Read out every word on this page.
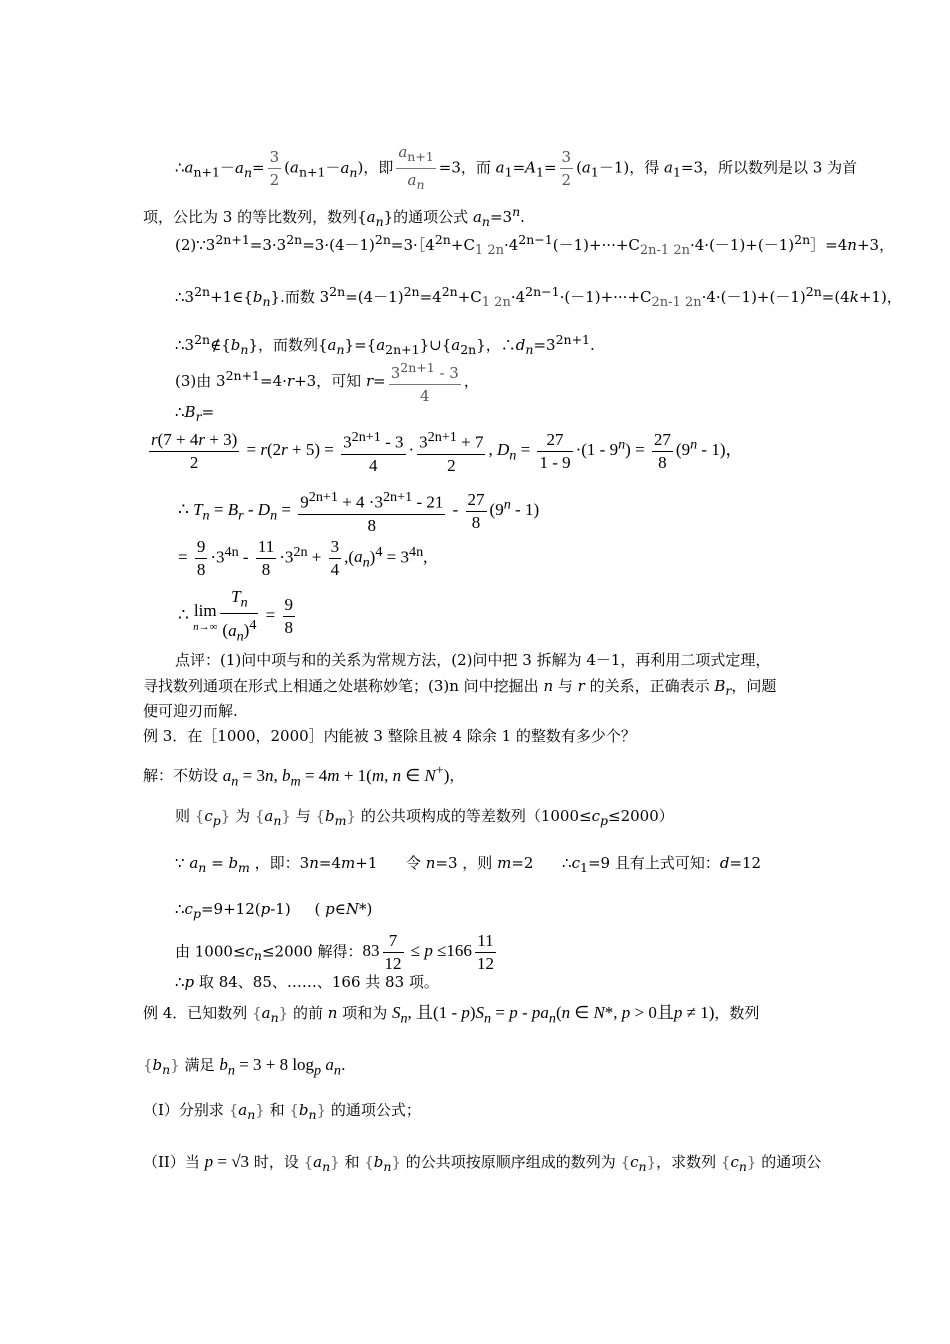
$\therefore a_{n+1}-a_n= \frac{3}{2} (a_{n+1}-a_n)$，即 $\frac{a_{n+1}}{a_n} =3$，而 $a_1=A_1= \frac{3}{2} (a_1-1)$，得 $a_1=3$，所以数列是以 3 为首
项，公比为 3 的等比数列，数列$\{a_n\}$的通项公式 $a_n=3^n$.
$(2)\because 3^{2n+1}=3\cdot 3^{2n}=3\cdot(4-1)^{2n}=3\cdot[4^{2n}+C_{1 2n}\cdot 4^{2n-1}(-1)+\cdot\cdot\cdot+C_{2n-1 2n}\cdot 4\cdot(-1)+(-1)^{2n}]=4n+3$，
$\therefore 3^{2n}+1\in\{b_n\}$.而数 $3^{2n}=(4-1)^{2n}=4^{2n}+C_{1 2n}\cdot 4^{2n-1}\cdot(-1)+\cdot\cdot\cdot+C_{2n-1 2n}\cdot 4\cdot(-1)+(-1)^{2n}=(4k+1)$，
$\therefore 3^{2n}\notin\{b_n\}$，而数列$\{a_n\}=\{a_{2n+1}\}\cup\{a_{2n}\}$，$\therefore d_n=3^{2n+1}$.
(3)由 $3^{2n+1}=4\cdot r+3$，可知 $r= \frac{3^{2n+1} - 3}{4}$ ，
$\therefore B_r=$
$\frac{r(7 + 4r + 3)}{2} = r(2r + 5) = \frac{3^{2n+1} - 3}{4} \cdot \frac{3^{2n+1} + 7}{2}$ , $D_n = \frac{27}{1 - 9} \cdot(1 - 9^n) = \frac{27}{8} (9^n - 1)$，
∴ $T_n = B_r - D_n = \frac{9^{2n+1} + 4 \cdot 3^{2n+1} - 21}{8} - \frac{27}{8} (9^n - 1)$
= $\frac{9}{8} \cdot 3^{4n} - \frac{11}{8} \cdot 3^{2n} + \frac{3}{4} ,(a_n)^4 = 3^{4n}$,
∴ lim
$n\to\infty \frac{T_n}{(a_n)^4} = \frac{9}{8}$
点评：(1)问中项与和的关系为常规方法，(2)问中把 3 拆解为 4－1，再利用二项式定理，
寻找数列通项在形式上相通之处堪称妙笔；(3)n 问中挖掘出 n 与 r 的关系，正确表示 $B_r$，问题
便可迎刃而解.
例 3．在［1000，2000］内能被 3 整除且被 4 除余 1 的整数有多少个？
解：不妨设 $a_n = 3n$, $b_m = 4m + 1(m$, n ∈ N+)，
则 $\{c_p\}$ 为 $\{a_n\}$ 与 $\{b_m\}$ 的公共项构成的等差数列$(1000\le c_p\le 2000)$
∵ $a_n = b_m$ ，即：3n=4m+1      令 n=3 ，则 m=2      $\therefore c_1=9$ 且有上式可知：d=12
$\therefore c_p=9+12(p-1)$     ( p∈N*)
由 $1000\le c_n\le 2000$ 解得：$83 \frac{7}{12} \le p \le 166 \frac{11}{12}$
∴p 取 84、85、……、166 共 83 项。
例 4．已知数列 $\{a_n\}$ 的前 n 项和为 $S_n$, 且$(1 - p)S_n = p - pa_n(n$ ∈ N*, p > 0且p ≠ 1)，数列
$\{b_n\}$ 满足 $b_n = 3 + 8$ $\log_p a_n$.
（I）分别求 $\{a_n\}$ 和 $\{b_n\}$ 的通项公式；
（II）当 p = √3 时，设 $\{a_n\}$ 和 $\{b_n\}$ 的公共项按原顺序组成的数列为 $\{c_n\}$，求数列 $\{c_n\}$ 的通项公
